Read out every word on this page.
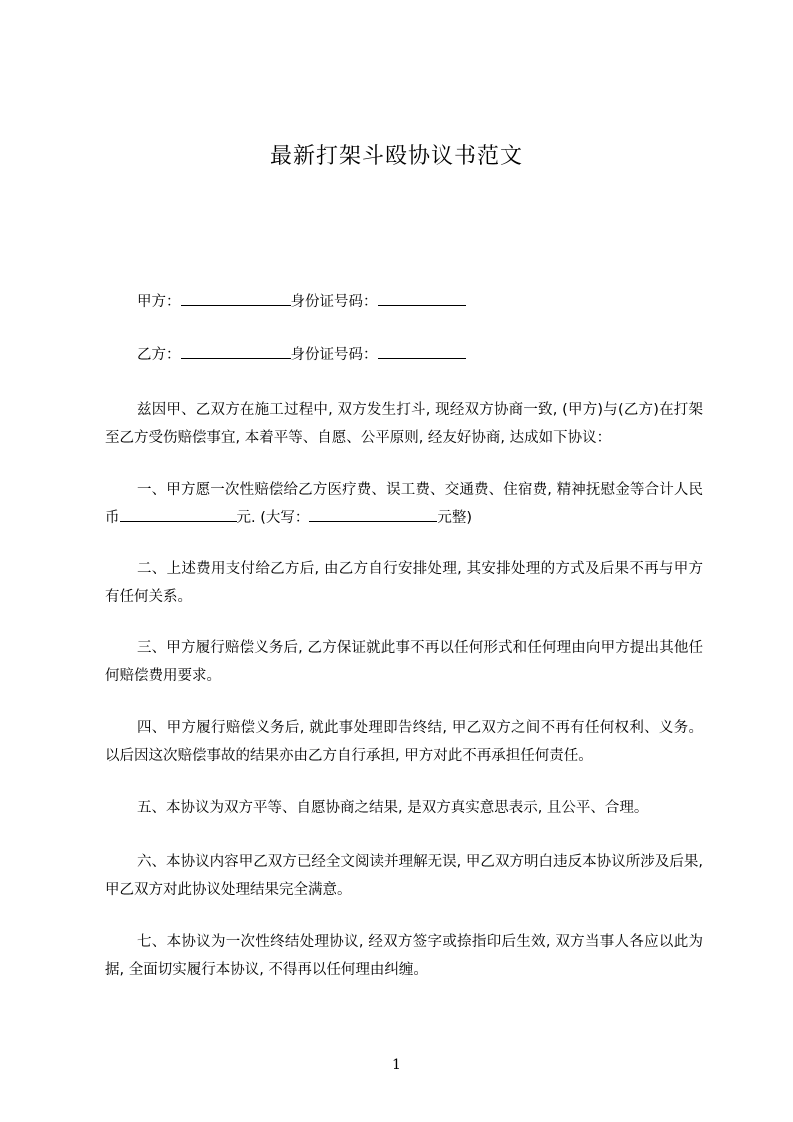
最新打架斗殴协议书范文
甲方：	身份证号码：
乙方：	身份证号码：

兹因甲、乙双方在施工过程中, 双方发生打斗, 现经双方协商一致, (甲方)与(乙方)在打架至乙方受伤赔偿事宜, 本着平等、自愿、公平原则, 经友好协商, 达成如下协议：

一、甲方愿一次性赔偿给乙方医疗费、误工费、交通费、住宿费, 精神抚慰金等合计人民币	元. (大写：	元整)

二、上述费用支付给乙方后, 由乙方自行安排处理, 其安排处理的方式及后果不再与甲方有任何关系。

三、甲方履行赔偿义务后, 乙方保证就此事不再以任何形式和任何理由向甲方提出其他任何赔偿费用要求。

四、甲方履行赔偿义务后, 就此事处理即告终结, 甲乙双方之间不再有任何权利、义务。以后因这次赔偿事故的结果亦由乙方自行承担, 甲方对此不再承担任何责任。

五、本协议为双方平等、自愿协商之结果, 是双方真实意思表示, 且公平、合理。

六、本协议内容甲乙双方已经全文阅读并理解无误, 甲乙双方明白违反本协议所涉及后果, 甲乙双方对此协议处理结果完全满意。

七、本协议为一次性终结处理协议, 经双方签字或捺指印后生效, 双方当事人各应以此为据, 全面切实履行本协议, 不得再以任何理由纠缠。

1
